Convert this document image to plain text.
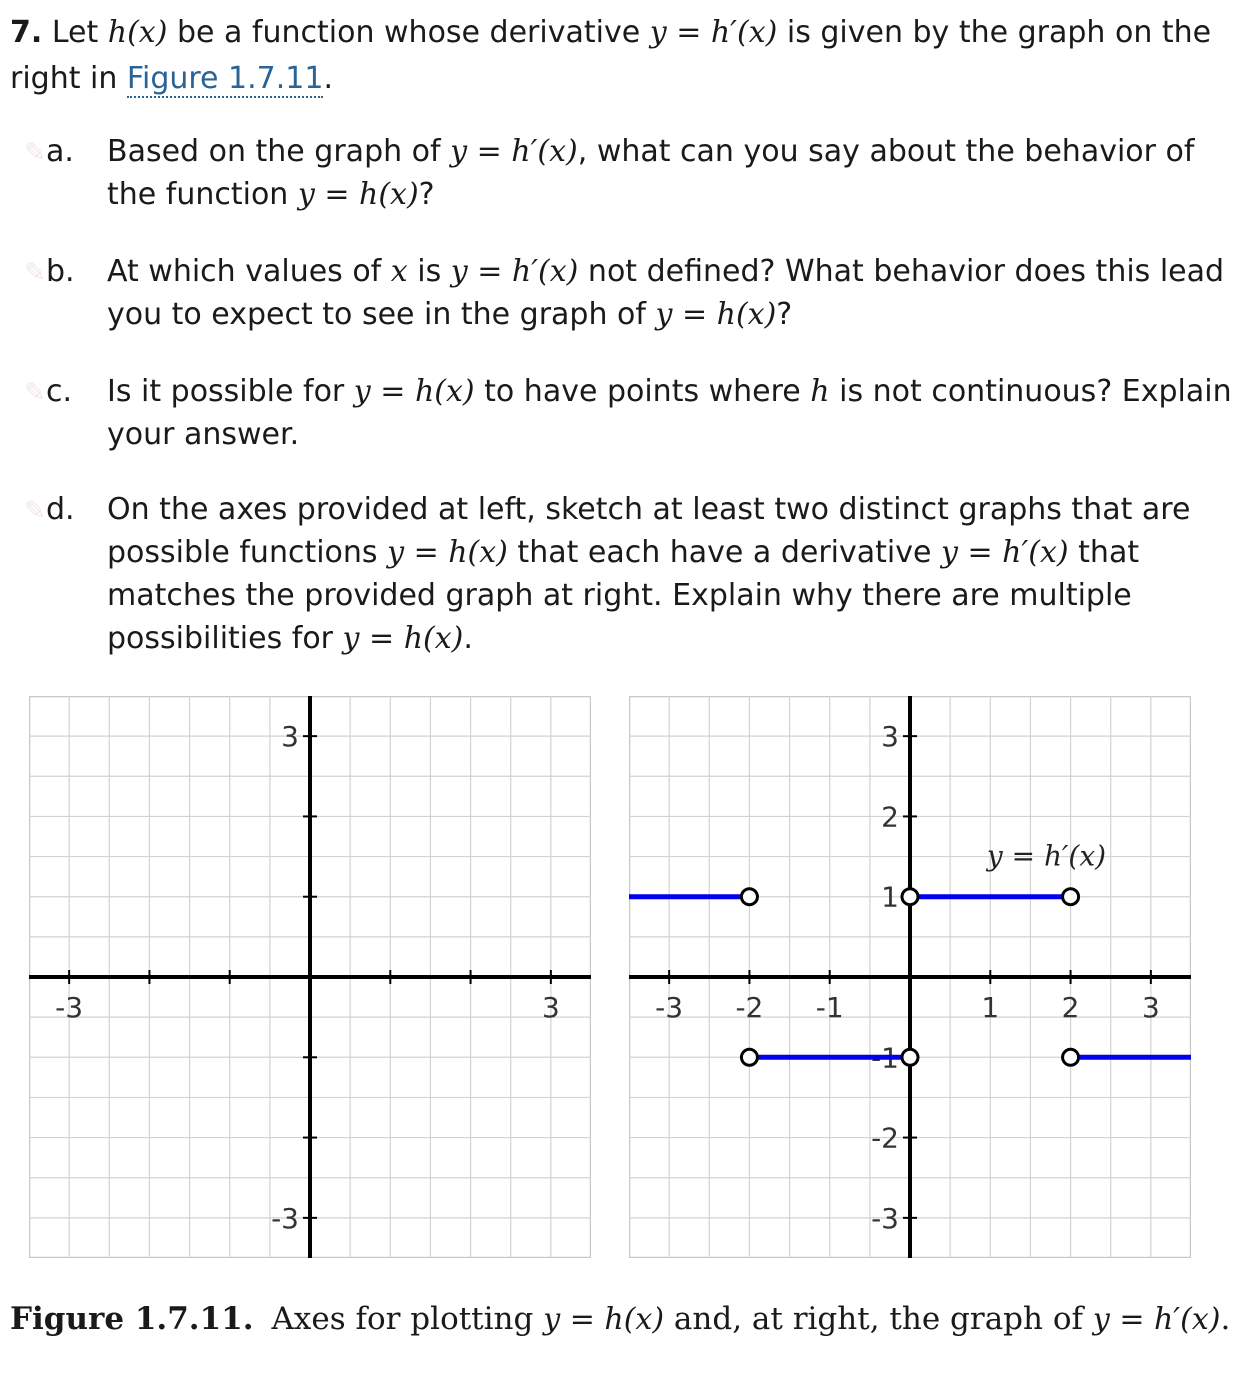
7. Let h(x) be a function whose derivative y = h′(x) is given by the graph on the right in Figure 1.7.11.
✎ a. Based on the graph of y = h′(x), what can you say about the behavior of the function y = h(x)?
✎ b. At which values of x is y = h′(x) not defined? What behavior does this lead you to expect to see in the graph of y = h(x)?
✎ c. Is it possible for y = h(x) to have points where h is not continuous? Explain your answer.
✎ d. On the axes provided at left, sketch at least two distinct graphs that are possible functions y = h(x) that each have a derivative y = h′(x) that matches the provided graph at right. Explain why there are multiple possibilities for y = h(x).
-3	3
3
-3
-3 -2 -1	1 2 3
3
2
1
-1
-2
-3
y = h′(x)
Figure 1.7.11. Axes for plotting y = h(x) and, at right, the graph of y = h′(x).
